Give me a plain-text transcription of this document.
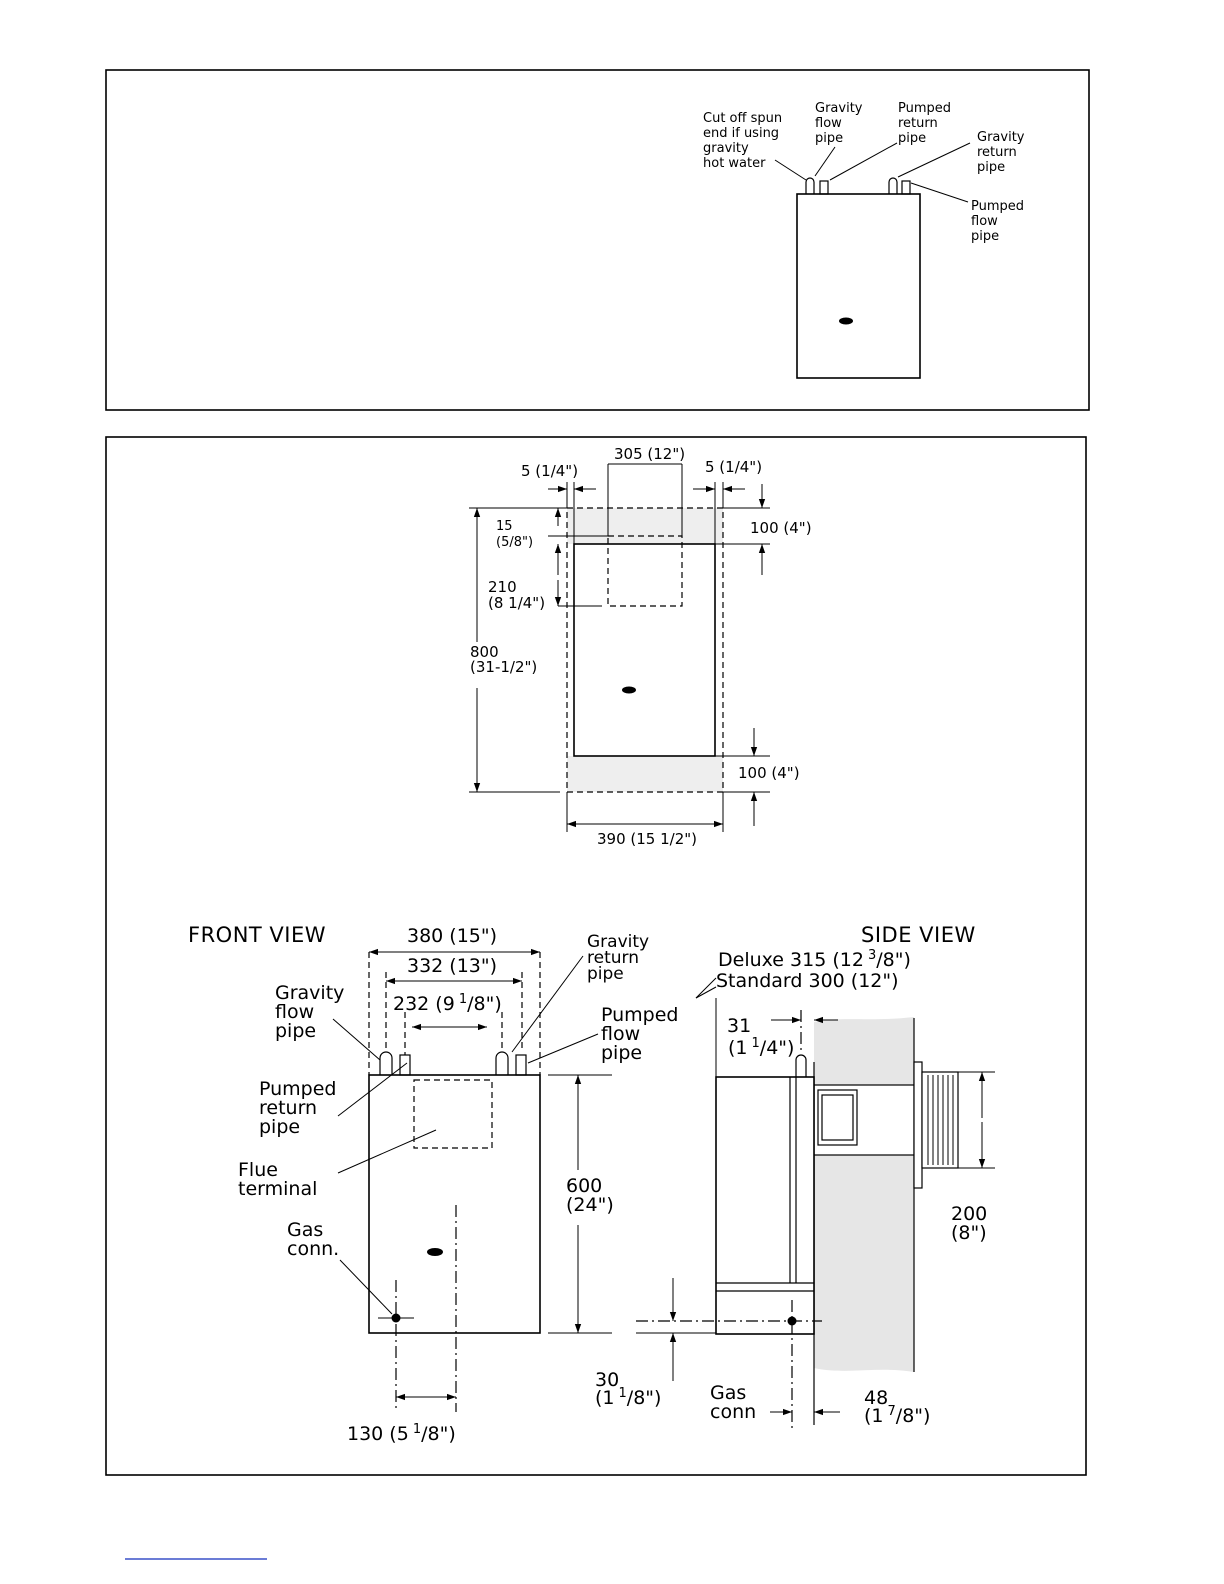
Cut off spun end if using gravity hot water
Gravity flow pipe
Pumped return pipe	Gravity return pipe
Pumped flow pipe
305 (12")
5 (1/4")	5 (1/4")
100 (4")
15 (5/8")
210 (8 1/4")
800 (31-1/2")
100 (4")
390 (15 1/2")
FRONT VIEW	380 (15")
332 (13")
232 (9 $^1$/8")
600 (24")
130 (5 $^1$/8")
Gravity flow pipe
Pumped return pipe
Flue terminal
Gas conn.
Gravity return pipe
Pumped flow pipe
SIDE VIEW
Deluxe 315 (12 $^3$/8")
Standard 300 (12")
31
(1 $^1$/4")
200 (8")
30
(1 $^1$/8")	48
(1 $^7$/8")
Gas conn
